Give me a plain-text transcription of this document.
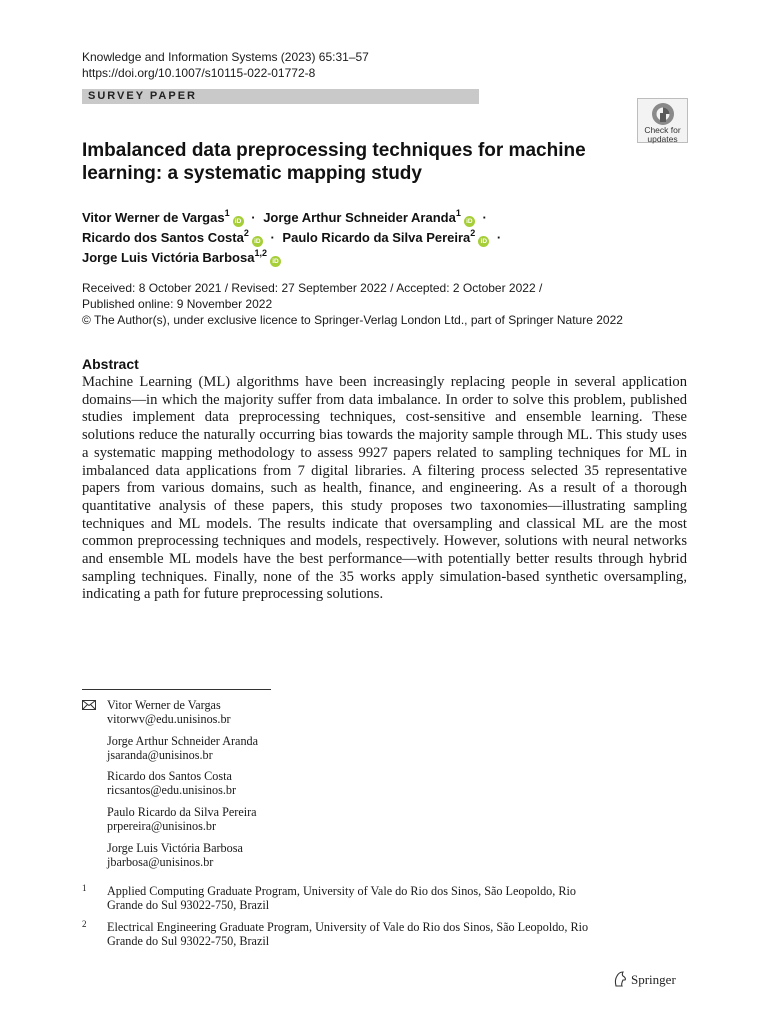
Knowledge and Information Systems (2023) 65:31–57
https://doi.org/10.1007/s10115-022-01772-8
SURVEY PAPER
Check for
updates
Imbalanced data preprocessing techniques for machine
learning: a systematic mapping study
Vitor Werner de Vargas$^1$iD · Jorge Arthur Schneider Aranda$^1$iD ·
Ricardo dos Santos Costa$^2$iD · Paulo Ricardo da Silva Pereira$^2$iD ·
Jorge Luis Victória Barbosa$^{1,2}$iD
Received: 8 October 2021 / Revised: 27 September 2022 / Accepted: 2 October 2022 /
Published online: 9 November 2022
© The Author(s), under exclusive licence to Springer-Verlag London Ltd., part of Springer Nature 2022
Abstract
Machine Learning (ML) algorithms have been increasingly replacing people in several application domains—in which the majority suffer from data imbalance. In order to solve this problem, published studies implement data preprocessing techniques, cost-sensitive and ensemble learning. These solutions reduce the naturally occurring bias towards the majority sample through ML. This study uses a systematic mapping methodology to assess 9927 papers related to sampling techniques for ML in imbalanced data applications from 7 digital libraries. A filtering process selected 35 representative papers from various domains, such as health, finance, and engineering. As a result of a thorough quantitative analysis of these papers, this study proposes two taxonomies—illustrating sampling techniques and ML models. The results indicate that oversampling and classical ML are the most common preprocessing techniques and models, respectively. However, solutions with neural networks and ensemble ML models have the best performance—with potentially better results through hybrid sampling techniques. Finally, none of the 35 works apply simulation-based synthetic oversampling, indicating a path for future preprocessing solutions.
Vitor Werner de Vargas
vitorwv@edu.unisinos.br
Jorge Arthur Schneider Aranda
jsaranda@unisinos.br
Ricardo dos Santos Costa
ricsantos@edu.unisinos.br
Paulo Ricardo da Silva Pereira
prpereira@unisinos.br
Jorge Luis Victória Barbosa
jbarbosa@unisinos.br
1 Applied Computing Graduate Program, University of Vale do Rio dos Sinos, São Leopoldo, Rio
Grande do Sul 93022-750, Brazil
2 Electrical Engineering Graduate Program, University of Vale do Rio dos Sinos, São Leopoldo, Rio
Grande do Sul 93022-750, Brazil
Springer
